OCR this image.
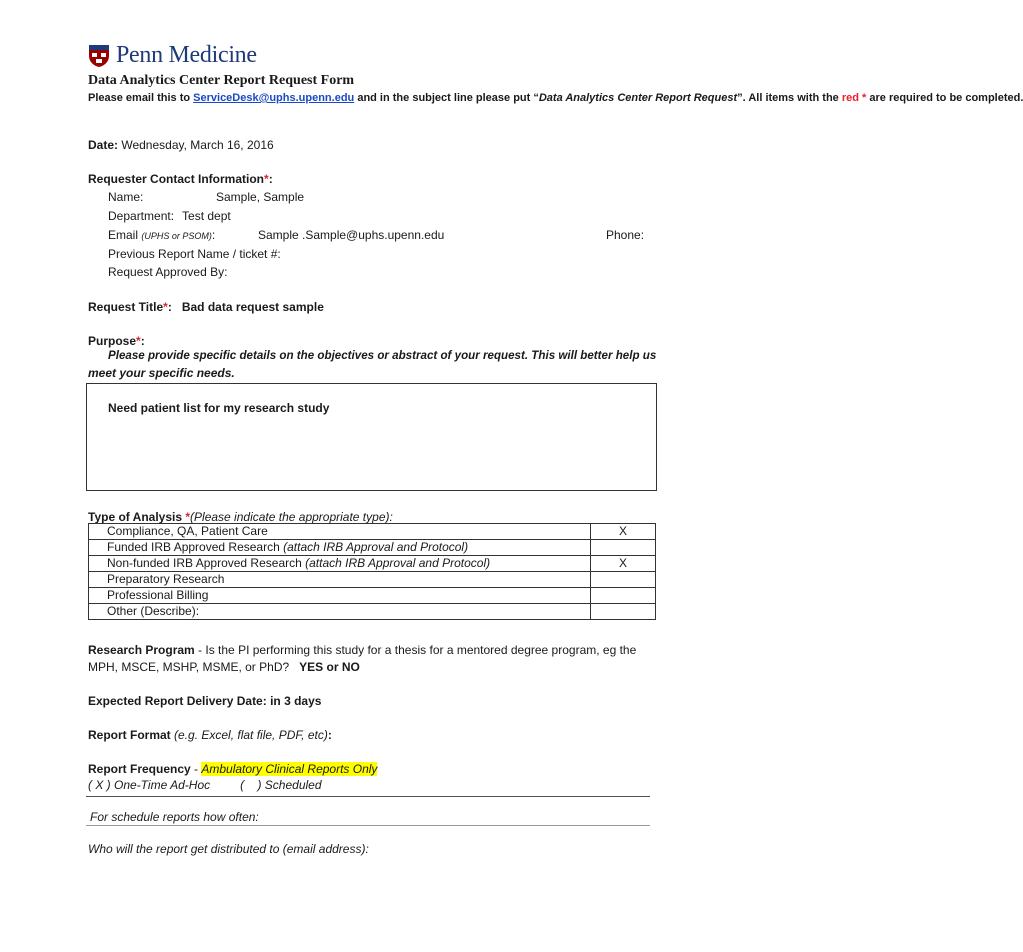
Penn Medicine
Data Analytics Center Report Request Form
Please email this to ServiceDesk@uphs.upenn.edu and in the subject line please put “Data Analytics Center Report Request”. All items with the red * are required to be completed.
Date: Wednesday, March 16, 2016
Requester Contact Information*:
Name:	Sample, Sample
Department: Test dept
Email (UPHS or PSOM):	Sample .Sample@uphs.upenn.edu	Phone:
Previous Report Name / ticket #:
Request Approved By:
Request Title*: Bad data request sample
Purpose*:
Please provide specific details on the objectives or abstract of your request. This will better help us
meet your specific needs.
Need patient list for my research study
Type of Analysis *(Please indicate the appropriate type):
Compliance, QA, Patient Care	X
Funded IRB Approved Research (attach IRB Approval and Protocol)	
Non-funded IRB Approved Research (attach IRB Approval and Protocol)	X
Preparatory Research	
Professional Billing	
Other (Describe):	
Research Program - Is the PI performing this study for a thesis for a mentored degree program, eg the
MPH, MSCE, MSHP, MSME, or PhD? YES or NO
Expected Report Delivery Date: in 3 days
Report Format (e.g. Excel, flat file, PDF, etc):
Report Frequency - Ambulatory Clinical Reports Only
( X ) One-Time Ad-Hoc         (    ) Scheduled
For schedule reports how often:
Who will the report get distributed to (email address):
